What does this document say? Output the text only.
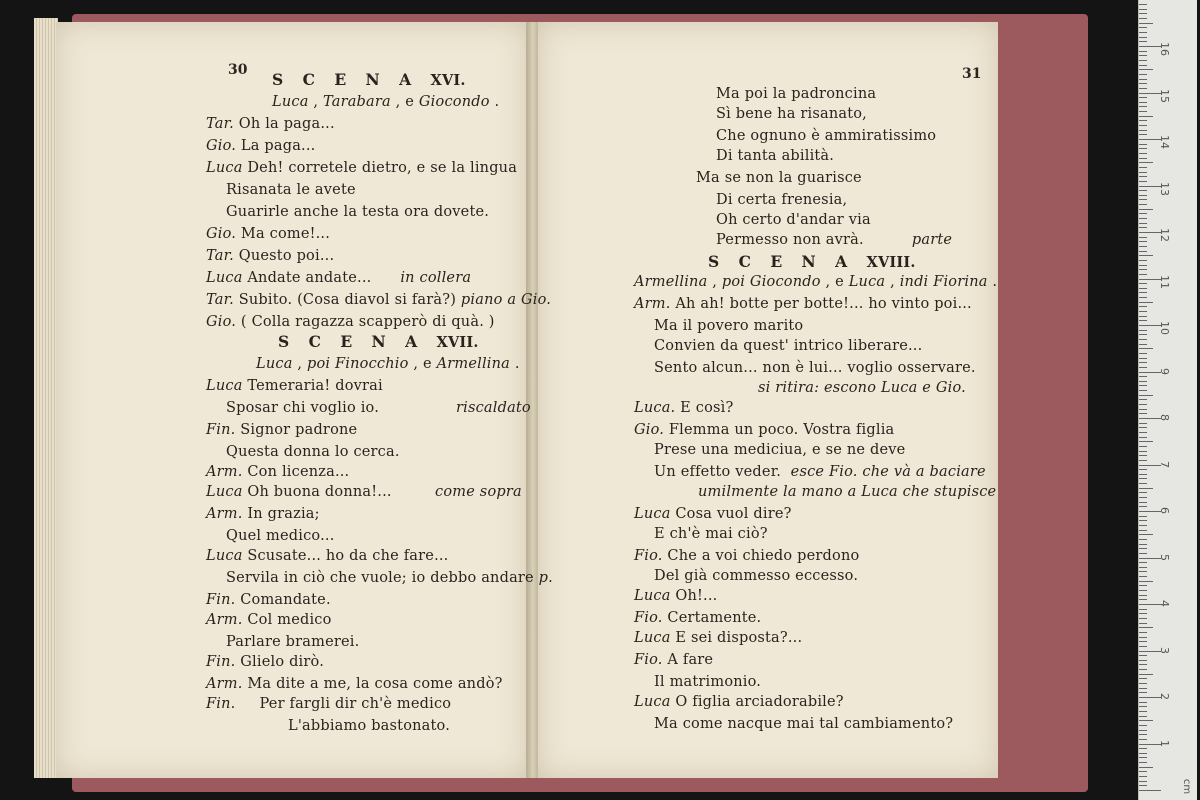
30	31
S C E N A XVI.
Luca , Tarabara , e Giocondo .
Tar. Oh la paga...
Gio. La paga...
Luca Deh! corretele dietro, e se la lingua
Risanata le avete
Guarirle anche la testa ora dovete.
Gio. Ma come!...
Tar. Questo poi...
Luca Andate andate...      in collera
Tar. Subito. (Cosa diavol si farà?) piano a Gio.
Gio. ( Colla ragazza scapperò di quà. )
S C E N A XVII.
Luca , poi Finocchio , e Armellina .
Luca Temeraria! dovrai
Sposar chi voglio io.                riscaldato
Fin. Signor padrone
Questa donna lo cerca.
Arm. Con licenza...
Luca Oh buona donna!...         come sopra
Arm. In grazia;
Quel medico...
Luca Scusate... ho da che fare...
Servila in ciò che vuole; io debbo andare p.
Fin. Comandate.
Arm. Col medico
Parlare bramerei.
Fin. Glielo dirò.
Arm. Ma dite a me, la cosa come andò?
Fin.     Per fargli dir ch'è medico
L'abbiamo bastonato.
Ma poi la padroncina
Sì bene ha risanato,
Che ognuno è ammiratissimo
Di tanta abilità.
Ma se non la guarisce
Di certa frenesia,
Oh certo d'andar via
Permesso non avrà.          parte
S C E N A XVIII.
Armellina , poi Giocondo , e Luca , indi Fiorina .
Arm. Ah ah! botte per botte!... ho vinto poi...
Ma il povero marito
Convien da quest' intrico liberare...
Sento alcun... non è lui... voglio osservare.
si ritira: escono Luca e Gio.
Luca. E così?
Gio. Flemma un poco. Vostra figlia
Prese una mediciua, e se ne deve
Un effetto veder.  esce Fio. che và a baciare
umilmente la mano a Luca che stupisce
Luca Cosa vuol dire?
E ch'è mai ciò?
Fio. Che a voi chiedo perdono
Del già commesso eccesso.
Luca Oh!...
Fio. Certamente.
Luca E sei disposta?...
Fio. A fare
Il matrimonio.
Luca O figlia arciadorabile?
Ma come nacque mai tal cambiamento?
cm
1
2
3
4
5
6
7
8
9
10
11
12
13
14
15
16
